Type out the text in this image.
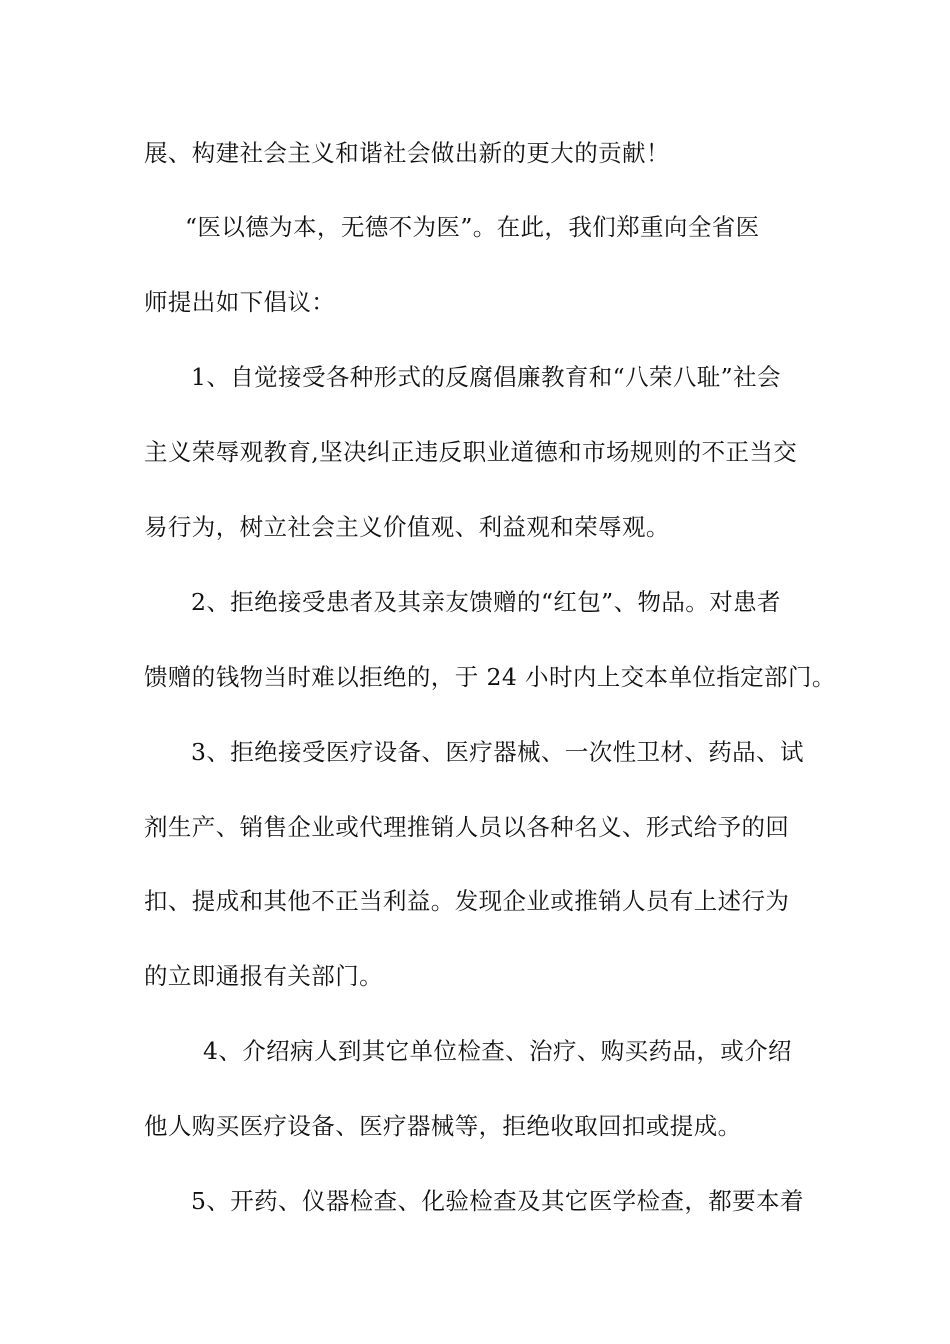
展、构建社会主义和谐社会做出新的更大的贡献！
“医以德为本，无德不为医”。在此，我们郑重向全省医
师提出如下倡议：
1、自觉接受各种形式的反腐倡廉教育和“八荣八耻”社会
主义荣辱观教育,坚决纠正违反职业道德和市场规则的不正当交
易行为，树立社会主义价值观、利益观和荣辱观。
2、拒绝接受患者及其亲友馈赠的“红包”、物品。对患者
馈赠的钱物当时难以拒绝的，于 24 小时内上交本单位指定部门。
3、拒绝接受医疗设备、医疗器械、一次性卫材、药品、试
剂生产、销售企业或代理推销人员以各种名义、形式给予的回
扣、提成和其他不正当利益。发现企业或推销人员有上述行为
的立即通报有关部门。
4、介绍病人到其它单位检查、治疗、购买药品，或介绍
他人购买医疗设备、医疗器械等，拒绝收取回扣或提成。
5、开药、仪器检查、化验检查及其它医学检查，都要本着
